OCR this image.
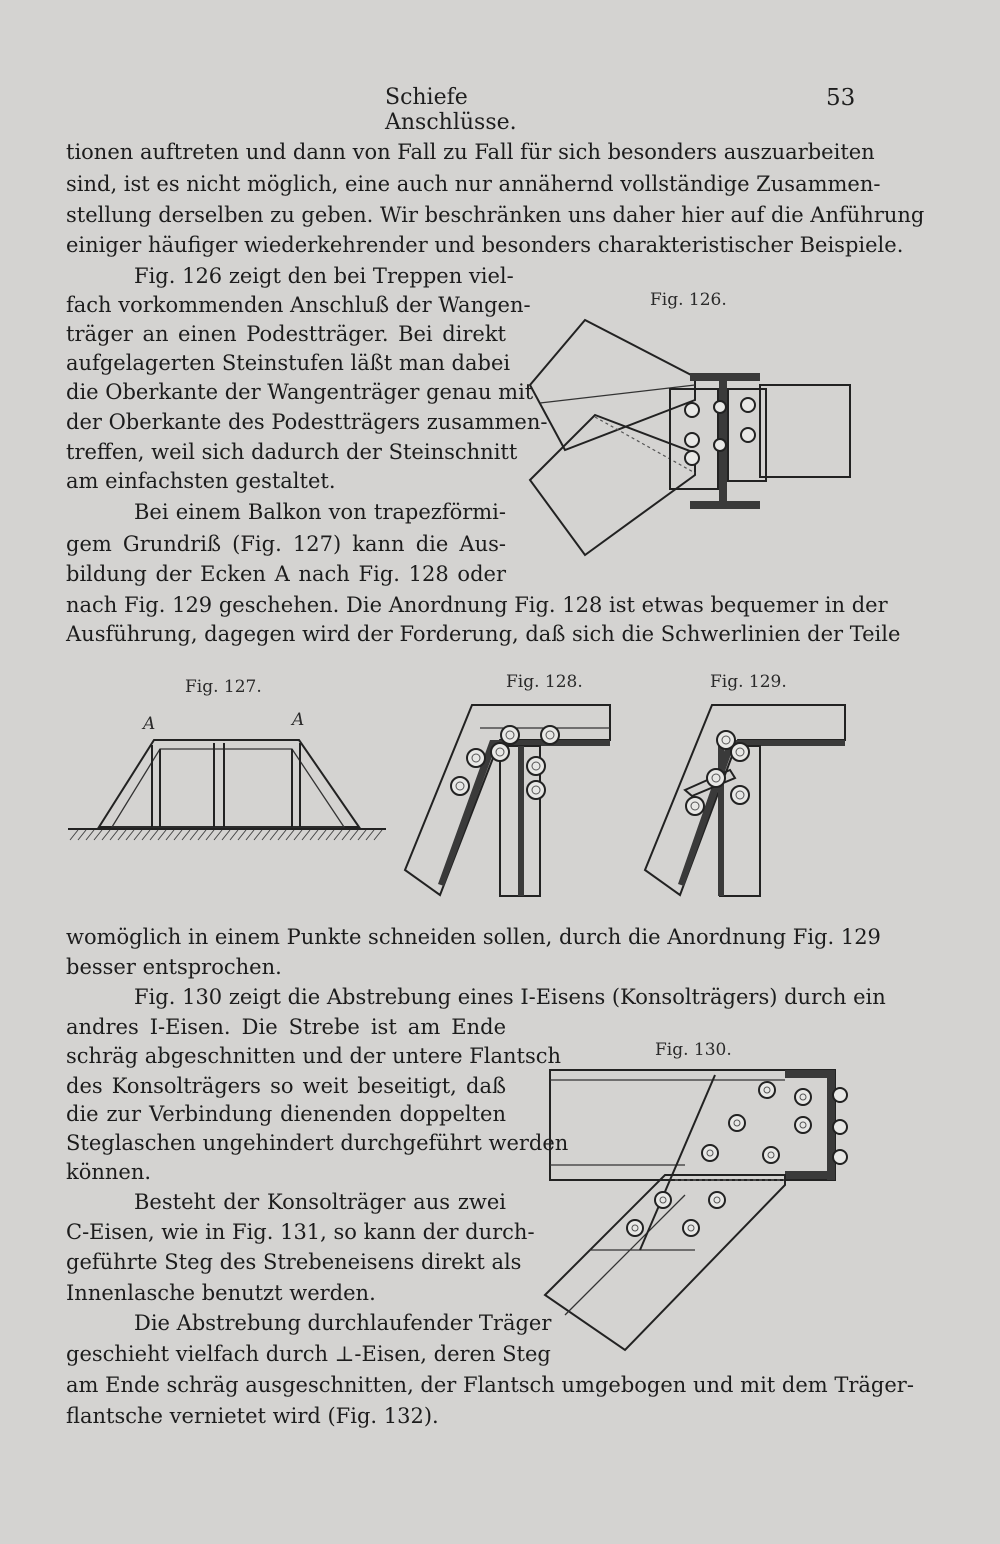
Schiefe Anschlüsse.
53
tionen auftreten und dann von Fall zu Fall für sich besonders auszuarbeiten
sind, ist es nicht möglich, eine auch nur annähernd vollständige Zusammen-
stellung derselben zu geben. Wir beschränken uns daher hier auf die Anführung
einiger häufiger wiederkehrender und besonders charakteristischer Beispiele.
Fig. 126 zeigt den bei Treppen viel-
fach vorkommenden Anschluß der Wangen-
träger an einen Podestträger. Bei direkt
aufgelagerten Steinstufen läßt man dabei
die Oberkante der Wangenträger genau mit
der Oberkante des Podestträgers zusammen-
treffen, weil sich dadurch der Steinschnitt
am einfachsten gestaltet.
Bei einem Balkon von trapezförmi-
gem Grundriß (Fig. 127) kann die Aus-
bildung der Ecken A nach Fig. 128 oder
nach Fig. 129 geschehen. Die Anordnung Fig. 128 ist etwas bequemer in der
Ausführung, dagegen wird der Forderung, daß sich die Schwerlinien der Teile
Fig. 126.
Fig. 127.	Fig. 128.	Fig. 129.
A	A
womöglich in einem Punkte schneiden sollen, durch die Anordnung Fig. 129
besser entsprochen.
Fig. 130 zeigt die Abstrebung eines I-Eisens (Konsolträgers) durch ein
andres I-Eisen. Die Strebe ist am Ende
schräg abgeschnitten und der untere Flantsch
des Konsolträgers so weit beseitigt, daß
die zur Verbindung dienenden doppelten
Steglaschen ungehindert durchgeführt werden
können.
Besteht der Konsolträger aus zwei
C-Eisen, wie in Fig. 131, so kann der durch-
geführte Steg des Strebeneisens direkt als
Innenlasche benutzt werden.
Die Abstrebung durchlaufender Träger
geschieht vielfach durch ⊥-Eisen, deren Steg
am Ende schräg ausgeschnitten, der Flantsch umgebogen und mit dem Träger-
flantsche vernietet wird (Fig. 132).
Fig. 130.
